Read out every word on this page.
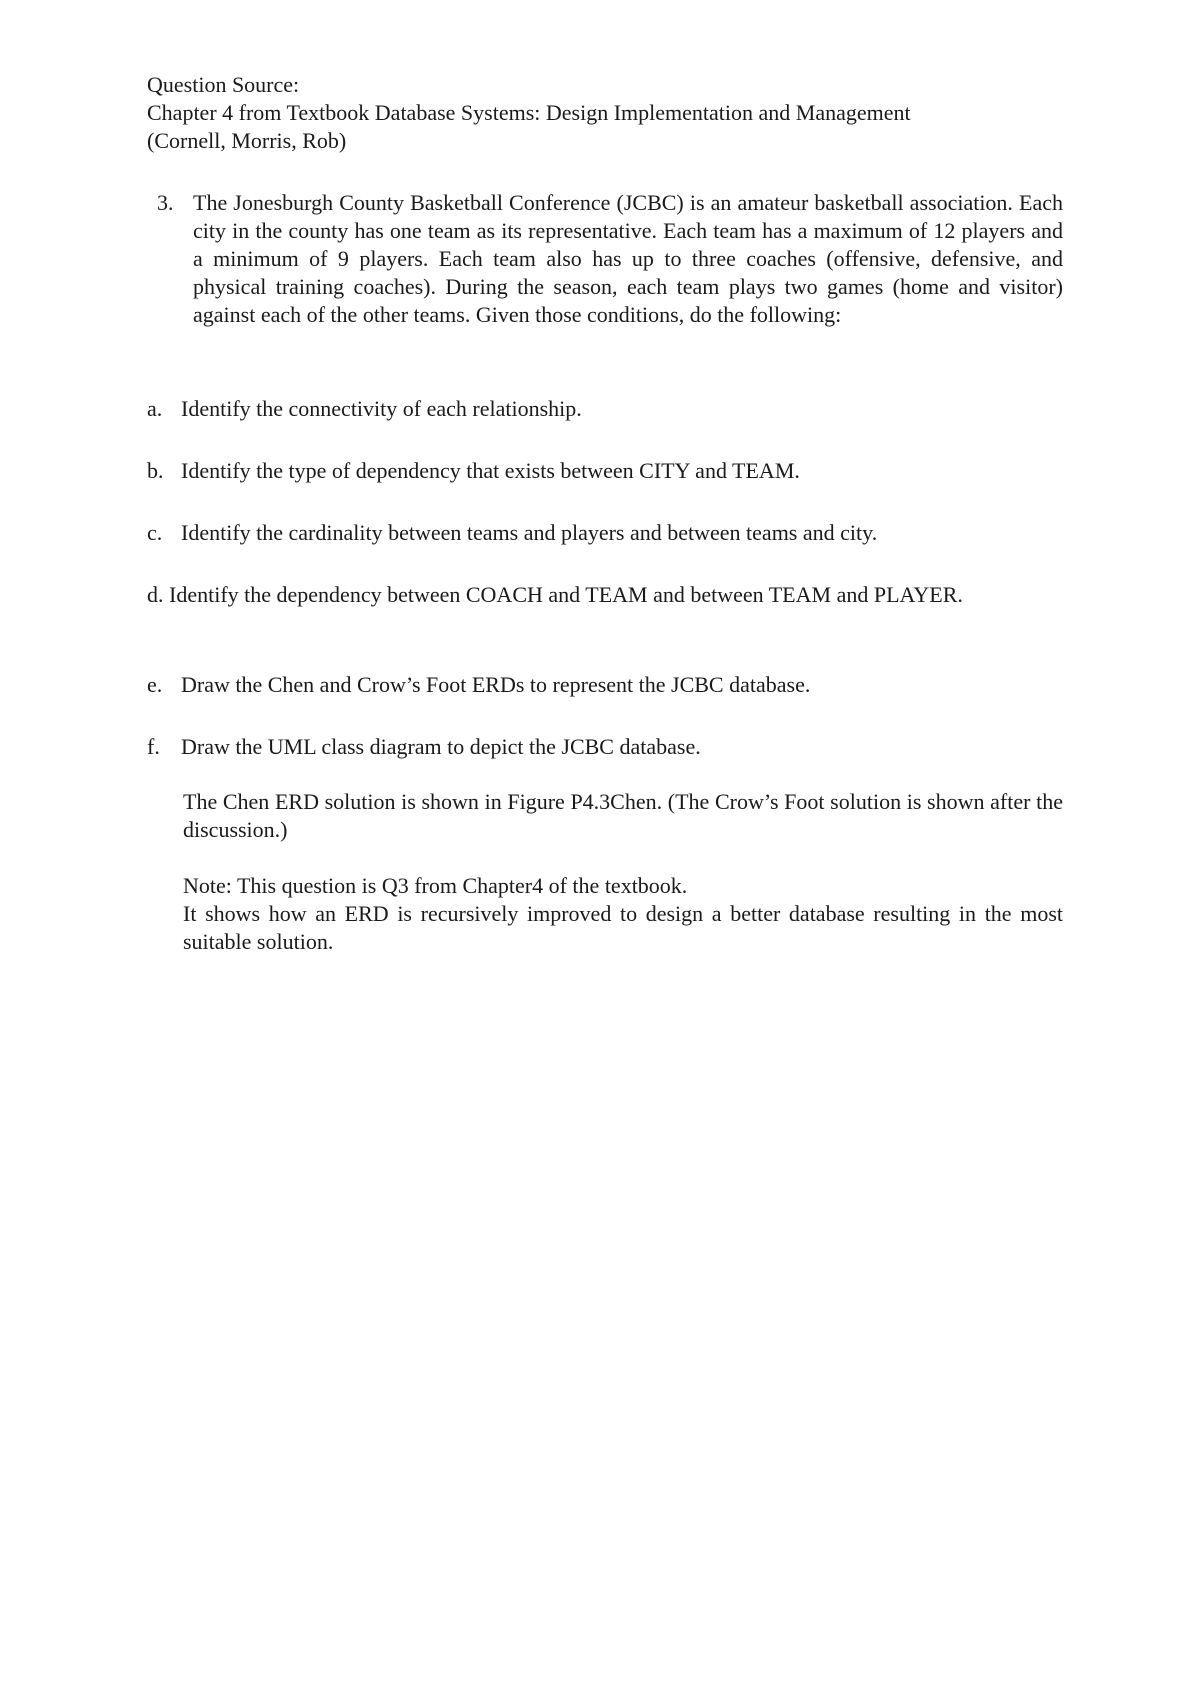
Question Source:

Chapter 4 from Textbook Database Systems: Design Implementation and Management

(Cornell, Morris, Rob)

3. The Jonesburgh County Basketball Conference (JCBC) is an amateur basketball association. Each city in the county has one team as its representative. Each team has a maximum of 12 players and a minimum of 9 players. Each team also has up to three coaches (offensive, defensive, and physical training coaches). During the season, each team plays two games (home and visitor) against each of the other teams. Given those conditions, do the following:
a. Identify the connectivity of each relationship.
b. Identify the type of dependency that exists between CITY and TEAM.
c. Identify the cardinality between teams and players and between teams and city.
d. Identify the dependency between COACH and TEAM and between TEAM and PLAYER.
e. Draw the Chen and Crow’s Foot ERDs to represent the JCBC database.
f. Draw the UML class diagram to depict the JCBC database.

The Chen ERD solution is shown in Figure P4.3Chen. (The Crow’s Foot solution is shown after the discussion.)

Note: This question is Q3 from Chapter4 of the textbook.

It shows how an ERD is recursively improved to design a better database resulting in the most suitable solution.
